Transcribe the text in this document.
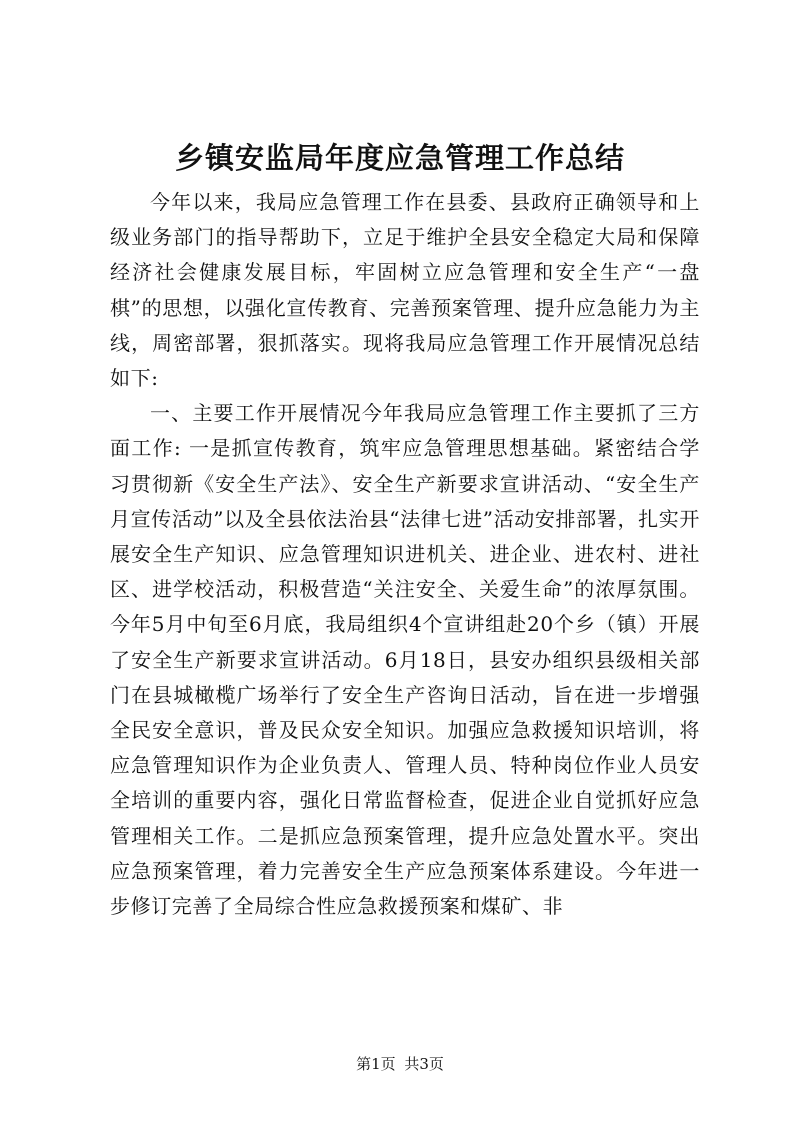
乡镇安监局年度应急管理工作总结

今年以来，我局应急管理工作在县委、县政府正确领导和上级业务部门的指导帮助下，立足于维护全县安全稳定大局和保障经济社会健康发展目标，牢固树立应急管理和安全生产“一盘棋”的思想，以强化宣传教育、完善预案管理、提升应急能力为主线，周密部署，狠抓落实。现将我局应急管理工作开展情况总结如下:

一、主要工作开展情况今年我局应急管理工作主要抓了三方面工作: 一是抓宣传教育，筑牢应急管理思想基础。紧密结合学习贯彻新《安全生产法》、安全生产新要求宣讲活动、“安全生产月宣传活动”以及全县依法治县“法律七进”活动安排部署，扎实开展安全生产知识、应急管理知识进机关、进企业、进农村、进社区、进学校活动，积极营造“关注安全、关爱生命”的浓厚氛围。今年5月中旬至6月底，我局组织4个宣讲组赴20个乡（镇）开展了安全生产新要求宣讲活动。6月18日，县安办组织县级相关部门在县城橄榄广场举行了安全生产咨询日活动，旨在进一步增强全民安全意识，普及民众安全知识。加强应急救援知识培训，将应急管理知识作为企业负责人、管理人员、特种岗位作业人员安全培训的重要内容，强化日常监督检查，促进企业自觉抓好应急管理相关工作。二是抓应急预案管理，提升应急处置水平。突出应急预案管理，着力完善安全生产应急预案体系建设。今年进一步修订完善了全局综合性应急救援预案和煤矿、非

第1页 共3页
